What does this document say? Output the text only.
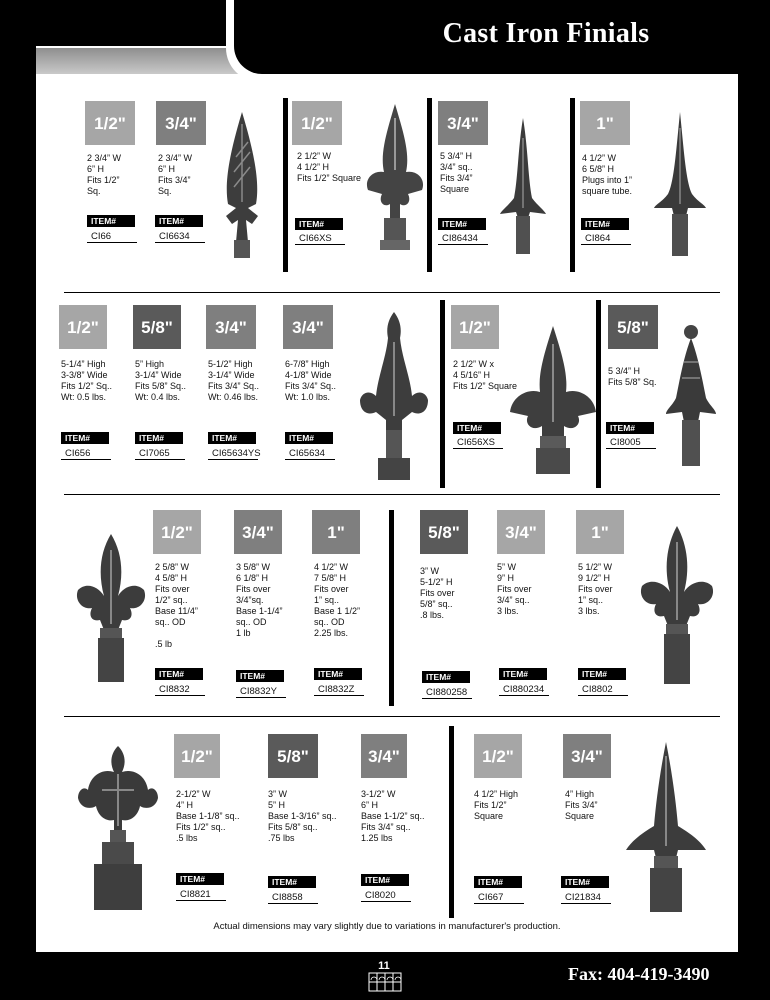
Cast Iron Finials
1/2"
2 3/4” W
6” H
Fits 1/2”
Sq.
ITEM#
CI66
3/4"
2 3/4” W
6” H
Fits 3/4”
Sq.
ITEM#
CI6634
1/2"
2 1/2” W
4 1/2” H
Fits 1/2” Square
ITEM#
CI66XS
3/4"
5 3/4” H
3/4” sq..
Fits 3/4”
Square
ITEM#
CI86434
1"
4 1/2” W
6 5/8” H
Plugs into 1”
square tube.
ITEM#
CI864
1/2"
5-1/4” High
3-3/8” Wide
Fits 1/2” Sq..
Wt: 0.5 lbs.
ITEM#
CI656
5/8"
5” High
3-1/4” Wide
Fits 5/8” Sq..
Wt: 0.4 lbs.
ITEM#
CI7065
3/4"
5-1/2” High
3-1/4” Wide
Fits 3/4” Sq..
Wt: 0.46 lbs.
ITEM#
CI65634YS
3/4"
6-7/8” High
4-1/8” Wide
Fits 3/4” Sq..
Wt: 1.0 lbs.
ITEM#
CI65634
1/2"
2 1/2” W x
4 5/16” H
Fits 1/2” Square
ITEM#
CI656XS
5/8"
5 3/4” H
Fits 5/8” Sq.
ITEM#
CI8005
1/2"
2 5/8” W
4 5/8” H
Fits over
1/2” sq..
Base 11/4”
sq.. OD

.5 lb
ITEM#
CI8832
3/4"
3 5/8” W
6 1/8” H
Fits over
3/4”sq.
Base 1-1/4”
sq.. OD
1 lb
ITEM#
CI8832Y
1"
4 1/2” W
7 5/8” H
Fits over
1” sq..
Base 1 1/2”
sq.. OD
2.25 lbs.
ITEM#
CI8832Z
5/8"
3” W
5-1/2” H
Fits over
5/8” sq..
.8 lbs.
ITEM#
CI880258
3/4"
5” W
9” H
Fits over
3/4” sq..
3 lbs.
ITEM#
CI880234
1"
5 1/2” W
9 1/2” H
Fits over
1” sq..
3 lbs.
ITEM#
CI8802
1/2"
2-1/2” W
4” H
Base 1-1/8” sq..
Fits 1/2” sq..
.5 lbs
ITEM#
CI8821
5/8"
3” W
5” H
Base 1-3/16” sq..
Fits 5/8” sq..
.75 lbs
ITEM#
CI8858
3/4"
3-1/2” W
6” H
Base 1-1/2” sq..
Fits 3/4” sq..
1.25 lbs
ITEM#
CI8020
1/2"
4 1/2” High
Fits 1/2”
Square
ITEM#
CI667
3/4"
4” High
Fits 3/4”
Square
ITEM#
CI21834
Actual dimensions may vary slightly due to variations in manufacturer's production.
11	Fax: 404-419-3490
